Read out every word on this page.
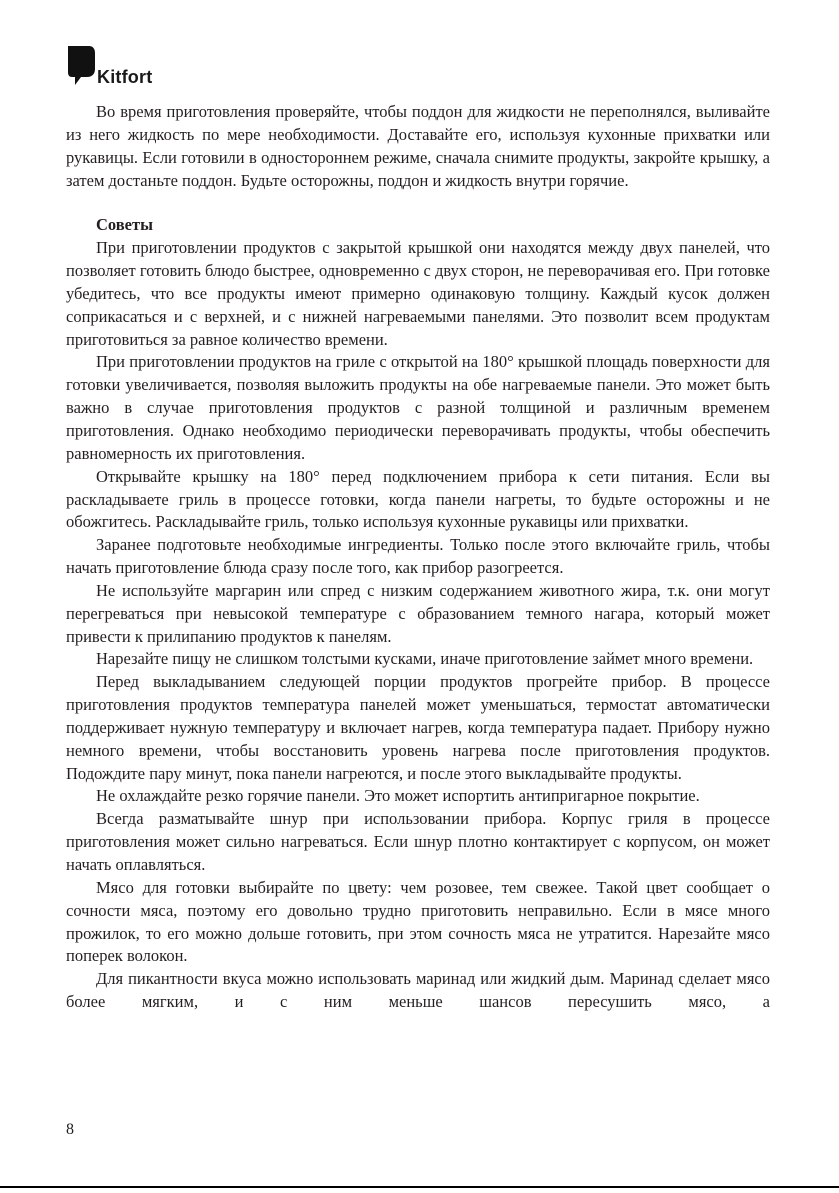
Kitfort

Во время приготовления проверяйте, чтобы поддон для жидкости не переполнялся, выливайте из него жидкость по мере необходимости. Доставайте его, используя кухонные прихватки или рукавицы. Если готовили в одностороннем режиме, сначала снимите продукты, закройте крышку, а затем достаньте поддон. Будьте осторожны, поддон и жидкость внутри горячие.

Советы

При приготовлении продуктов с закрытой крышкой они находятся между двух панелей, что позволяет готовить блюдо быстрее, одновременно с двух сторон, не переворачивая его. При готовке убедитесь, что все продукты имеют примерно одинаковую толщину. Каждый кусок должен соприкасаться и с верхней, и с нижней нагреваемыми панелями. Это позволит всем продуктам приготовиться за равное количество времени.

При приготовлении продуктов на гриле с открытой на 180° крышкой площадь поверхности для готовки увеличивается, позволяя выложить продукты на обе нагреваемые панели. Это может быть важно в случае приготовления продуктов с разной толщиной и различным временем приготовления. Однако необходимо периодически переворачивать продукты, чтобы обеспечить равномерность их приготовления.

Открывайте крышку на 180° перед подключением прибора к сети питания. Если вы раскладываете гриль в процессе готовки, когда панели нагреты, то будьте осторожны и не обожгитесь. Раскладывайте гриль, только используя кухонные рукавицы или прихватки.

Заранее подготовьте необходимые ингредиенты. Только после этого включайте гриль, чтобы начать приготовление блюда сразу после того, как прибор разогреется.

Не используйте маргарин или спред с низким содержанием животного жира, т.к. они могут перегреваться при невысокой температуре с образованием темного нагара, который может привести к прилипанию продуктов к панелям.

Нарезайте пищу не слишком толстыми кусками, иначе приготовление займет много времени.

Перед выкладыванием следующей порции продуктов прогрейте прибор. В процессе приготовления продуктов температура панелей может уменьшаться, термостат автоматически поддерживает нужную температуру и включает нагрев, когда температура падает. Прибору нужно немного времени, чтобы восстановить уровень нагрева после приготовления продуктов. Подождите пару минут, пока панели нагреются, и после этого выкладывайте продукты.

Не охлаждайте резко горячие панели. Это может испортить антипригарное покрытие.

Всегда разматывайте шнур при использовании прибора. Корпус гриля в процессе приготовления может сильно нагреваться. Если шнур плотно контактирует с корпусом, он может начать оплавляться.

Мясо для готовки выбирайте по цвету: чем розовее, тем свежее. Такой цвет сообщает о сочности мяса, поэтому его довольно трудно приготовить неправильно. Если в мясе много прожилок, то его можно дольше готовить, при этом сочность мяса не утратится. Нарезайте мясо поперек волокон.

Для пикантности вкуса можно использовать маринад или жидкий дым. Маринад сделает мясо более мягким, и с ним меньше шансов пересушить мясо, а

8
